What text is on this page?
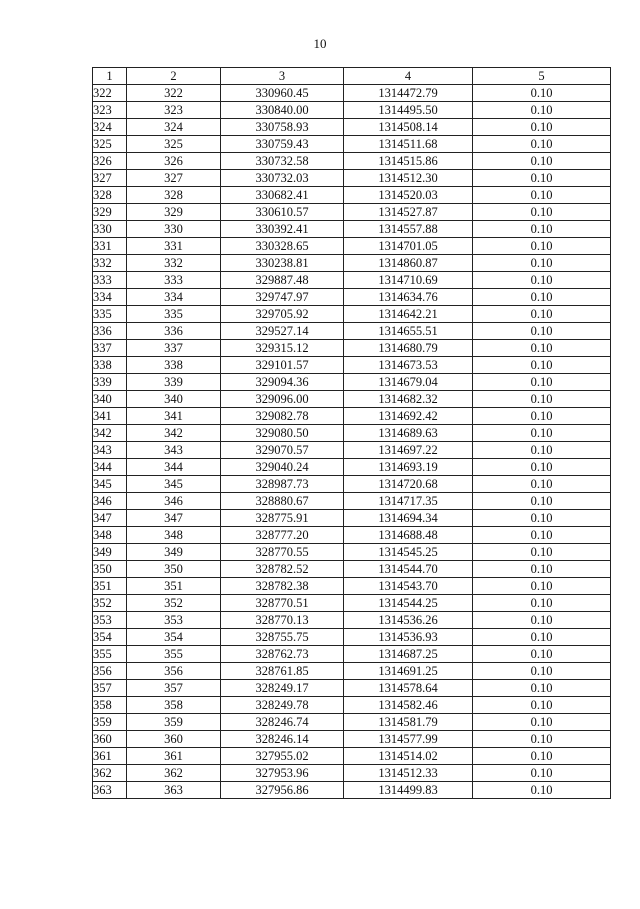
10
1	2	3	4	5
322	322	330960.45	1314472.79	0.10
323	323	330840.00	1314495.50	0.10
324	324	330758.93	1314508.14	0.10
325	325	330759.43	1314511.68	0.10
326	326	330732.58	1314515.86	0.10
327	327	330732.03	1314512.30	0.10
328	328	330682.41	1314520.03	0.10
329	329	330610.57	1314527.87	0.10
330	330	330392.41	1314557.88	0.10
331	331	330328.65	1314701.05	0.10
332	332	330238.81	1314860.87	0.10
333	333	329887.48	1314710.69	0.10
334	334	329747.97	1314634.76	0.10
335	335	329705.92	1314642.21	0.10
336	336	329527.14	1314655.51	0.10
337	337	329315.12	1314680.79	0.10
338	338	329101.57	1314673.53	0.10
339	339	329094.36	1314679.04	0.10
340	340	329096.00	1314682.32	0.10
341	341	329082.78	1314692.42	0.10
342	342	329080.50	1314689.63	0.10
343	343	329070.57	1314697.22	0.10
344	344	329040.24	1314693.19	0.10
345	345	328987.73	1314720.68	0.10
346	346	328880.67	1314717.35	0.10
347	347	328775.91	1314694.34	0.10
348	348	328777.20	1314688.48	0.10
349	349	328770.55	1314545.25	0.10
350	350	328782.52	1314544.70	0.10
351	351	328782.38	1314543.70	0.10
352	352	328770.51	1314544.25	0.10
353	353	328770.13	1314536.26	0.10
354	354	328755.75	1314536.93	0.10
355	355	328762.73	1314687.25	0.10
356	356	328761.85	1314691.25	0.10
357	357	328249.17	1314578.64	0.10
358	358	328249.78	1314582.46	0.10
359	359	328246.74	1314581.79	0.10
360	360	328246.14	1314577.99	0.10
361	361	327955.02	1314514.02	0.10
362	362	327953.96	1314512.33	0.10
363	363	327956.86	1314499.83	0.10
